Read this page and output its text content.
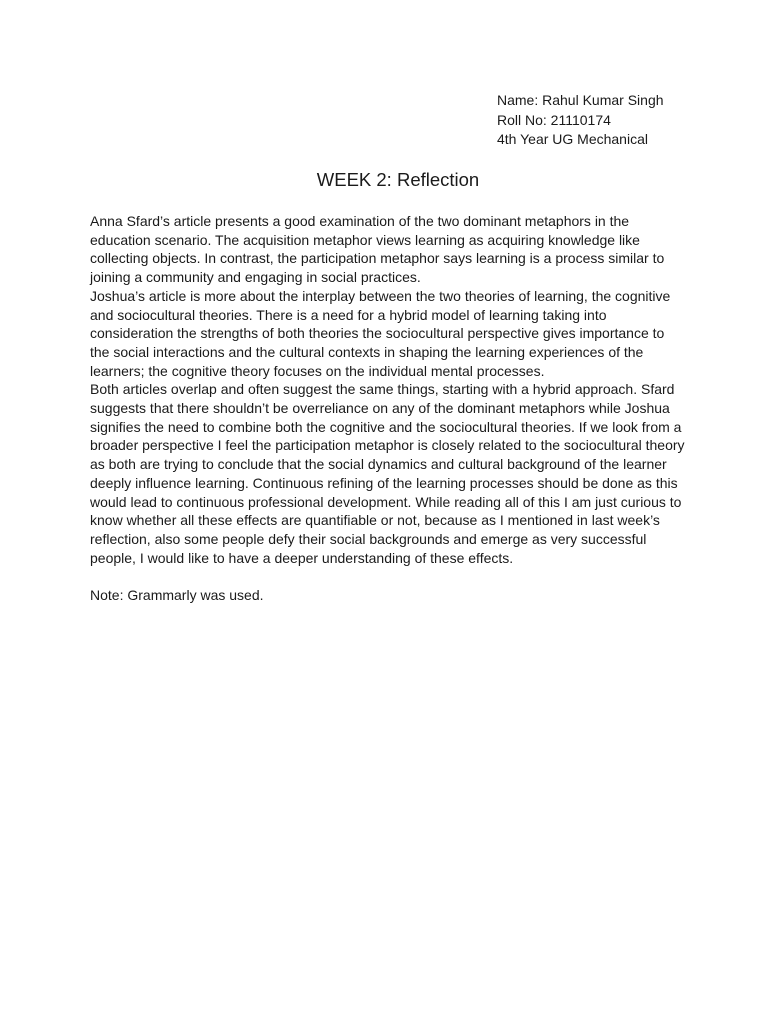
Name: Rahul Kumar Singh
Roll No: 21110174
4th Year UG Mechanical
WEEK 2: Reflection
Anna Sfard’s article presents a good examination of the two dominant metaphors in the
education scenario. The acquisition metaphor views learning as acquiring knowledge like
collecting objects. In contrast, the participation metaphor says learning is a process similar to
joining a community and engaging in social practices.
Joshua’s article is more about the interplay between the two theories of learning, the cognitive
and sociocultural theories. There is a need for a hybrid model of learning taking into
consideration the strengths of both theories the sociocultural perspective gives importance to
the social interactions and the cultural contexts in shaping the learning experiences of the
learners; the cognitive theory focuses on the individual mental processes.
Both articles overlap and often suggest the same things, starting with a hybrid approach. Sfard
suggests that there shouldn’t be overreliance on any of the dominant metaphors while Joshua
signifies the need to combine both the cognitive and the sociocultural theories. If we look from a
broader perspective I feel the participation metaphor is closely related to the sociocultural theory
as both are trying to conclude that the social dynamics and cultural background of the learner
deeply influence learning. Continuous refining of the learning processes should be done as this
would lead to continuous professional development. While reading all of this I am just curious to
know whether all these effects are quantifiable or not, because as I mentioned in last week’s
reflection, also some people defy their social backgrounds and emerge as very successful
people, I would like to have a deeper understanding of these effects.
Note: Grammarly was used.
